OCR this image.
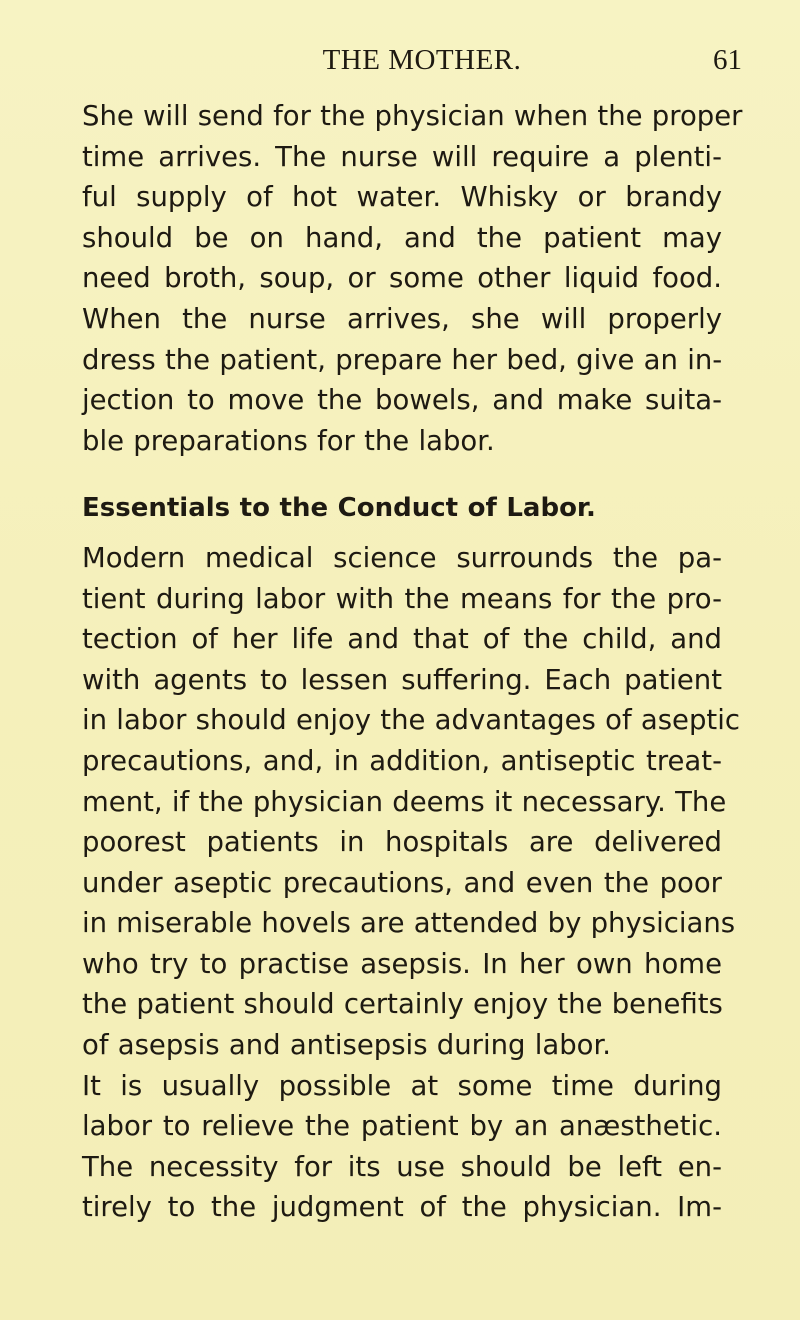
THE MOTHER.	61
She will send for the physician when the proper
time arrives. The nurse will require a plenti-
ful supply of hot water. Whisky or brandy
should be on hand, and the patient may
need broth, soup, or some other liquid food.
When the nurse arrives, she will properly
dress the patient, prepare her bed, give an in-
jection to move the bowels, and make suita-
ble preparations for the labor.
Essentials to the Conduct of Labor.
Modern medical science surrounds the pa-
tient during labor with the means for the pro-
tection of her life and that of the child, and
with agents to lessen suffering. Each patient
in labor should enjoy the advantages of aseptic
precautions, and, in addition, antiseptic treat-
ment, if the physician deems it necessary. The
poorest patients in hospitals are delivered
under aseptic precautions, and even the poor
in miserable hovels are attended by physicians
who try to practise asepsis. In her own home
the patient should certainly enjoy the benefits
of asepsis and antisepsis during labor.
It is usually possible at some time during
labor to relieve the patient by an anæsthetic.
The necessity for its use should be left en-
tirely to the judgment of the physician. Im-
